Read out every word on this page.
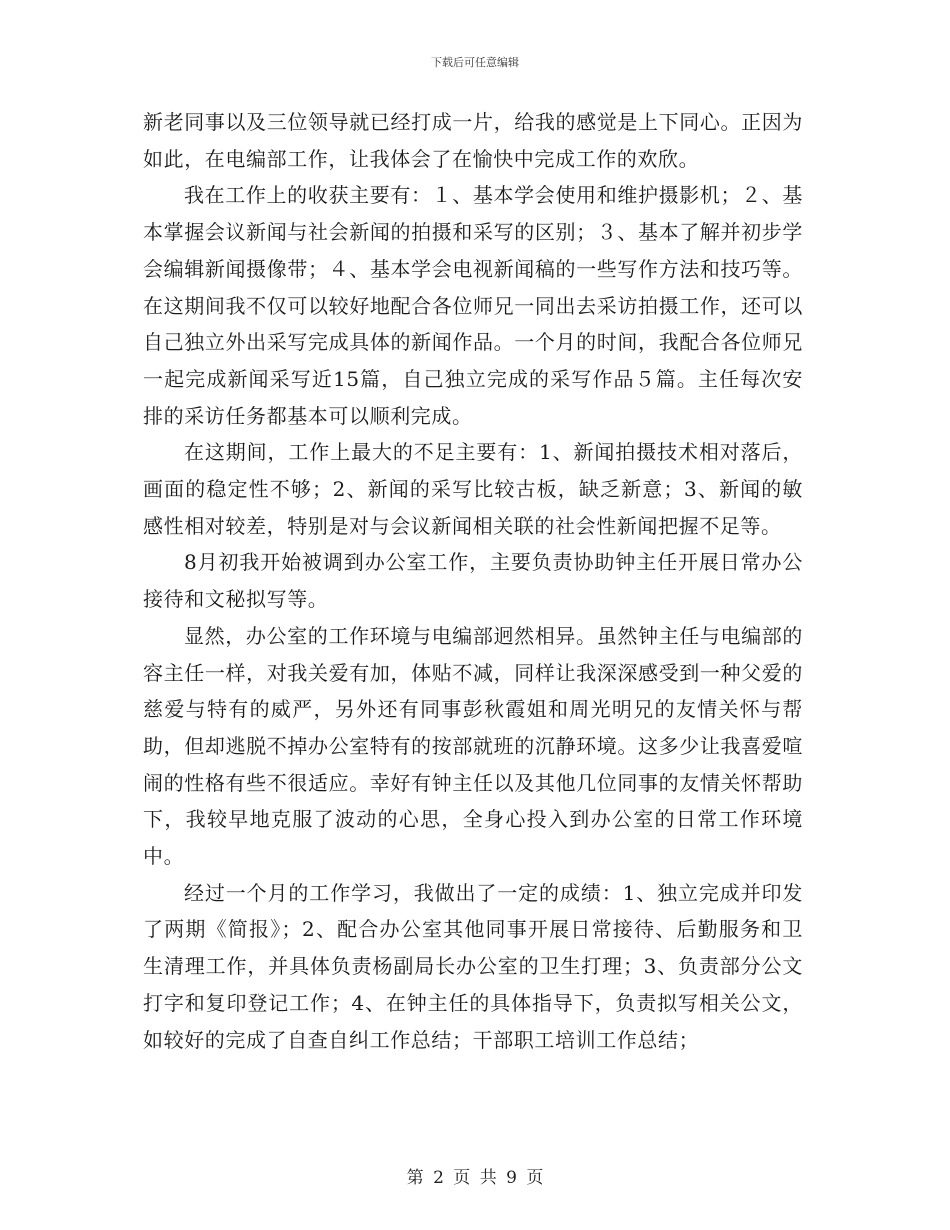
下载后可任意编辑

新老同事以及三位领导就已经打成一片，给我的感觉是上下同心。正因为如此，在电编部工作，让我体会了在愉快中完成工作的欢欣。

我在工作上的收获主要有：１、基本学会使用和维护摄影机；２、基本掌握会议新闻与社会新闻的拍摄和采写的区别；３、基本了解并初步学会编辑新闻摄像带；４、基本学会电视新闻稿的一些写作方法和技巧等。在这期间我不仅可以较好地配合各位师兄一同出去采访拍摄工作，还可以自己独立外出采写完成具体的新闻作品。一个月的时间，我配合各位师兄一起完成新闻采写近15篇，自己独立完成的采写作品５篇。主任每次安排的采访任务都基本可以顺利完成。

在这期间，工作上最大的不足主要有：1、新闻拍摄技术相对落后，画面的稳定性不够；2、新闻的采写比较古板，缺乏新意；3、新闻的敏感性相对较差，特别是对与会议新闻相关联的社会性新闻把握不足等。

8月初我开始被调到办公室工作，主要负责协助钟主任开展日常办公接待和文秘拟写等。

显然，办公室的工作环境与电编部迥然相异。虽然钟主任与电编部的容主任一样，对我关爱有加，体贴不减，同样让我深深感受到一种父爱的慈爱与特有的威严，另外还有同事彭秋霞姐和周光明兄的友情关怀与帮助，但却逃脱不掉办公室特有的按部就班的沉静环境。这多少让我喜爱喧闹的性格有些不很适应。幸好有钟主任以及其他几位同事的友情关怀帮助下，我较早地克服了波动的心思，全身心投入到办公室的日常工作环境中。

经过一个月的工作学习，我做出了一定的成绩：1、独立完成并印发了两期《简报》；2、配合办公室其他同事开展日常接待、后勤服务和卫生清理工作，并具体负责杨副局长办公室的卫生打理；3、负责部分公文打字和复印登记工作；4、在钟主任的具体指导下，负责拟写相关公文，如较好的完成了自查自纠工作总结；干部职工培训工作总结；

第 2 页 共 9 页
